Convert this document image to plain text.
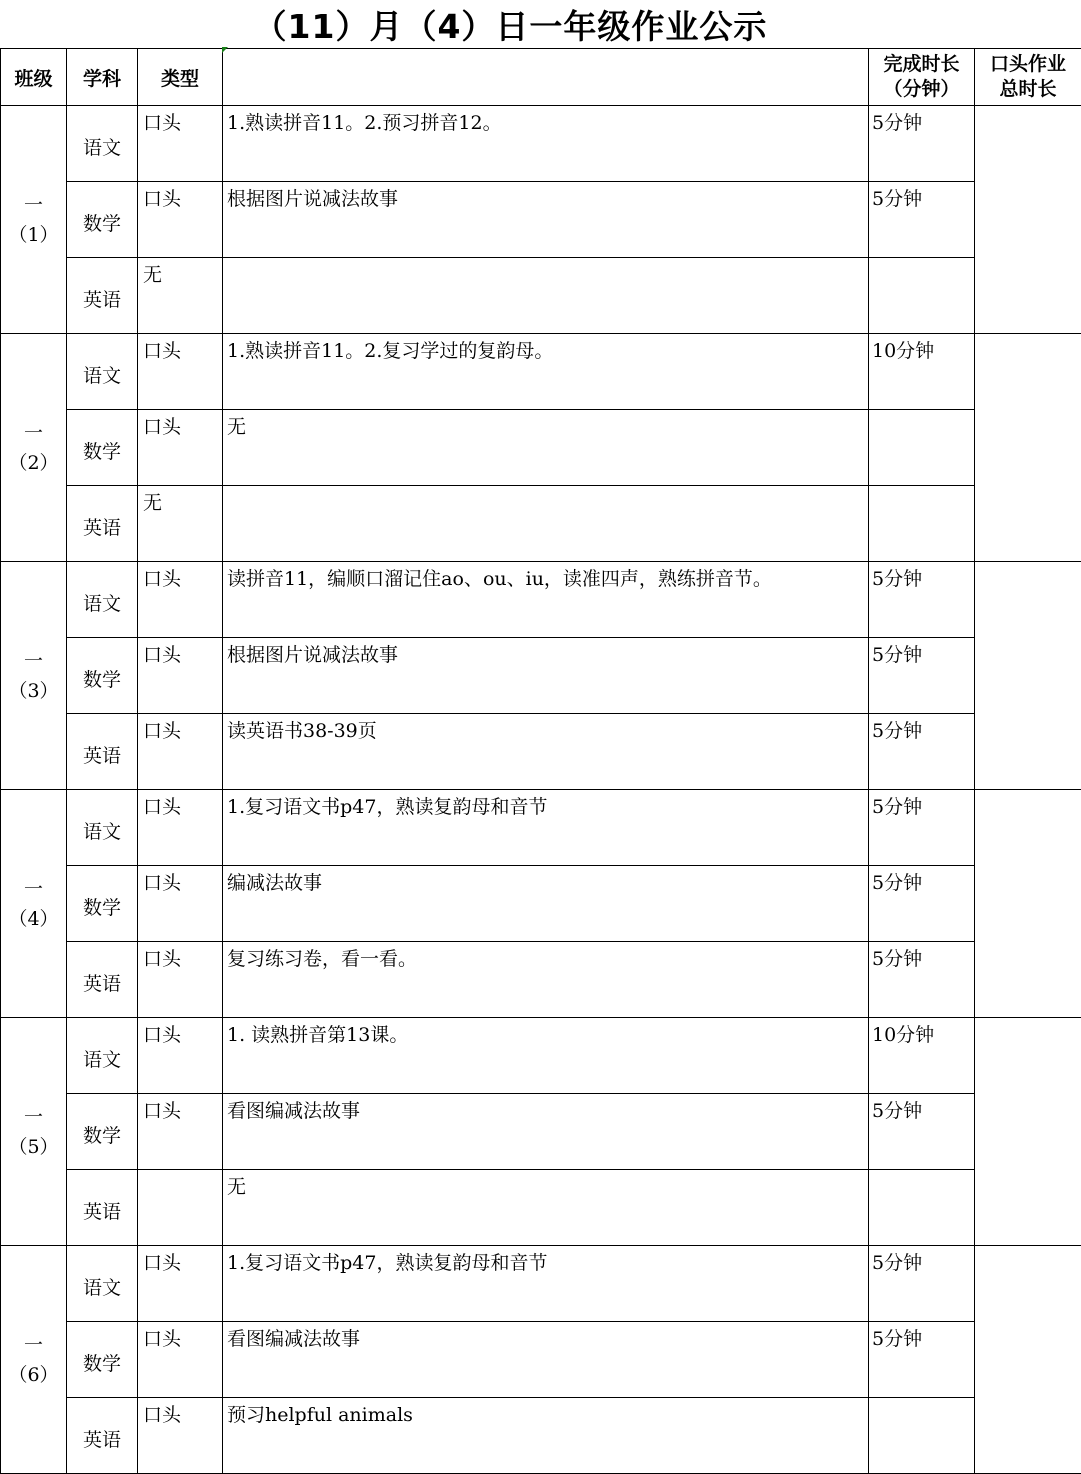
（11）月（4）日一年级作业公示
班级	学科	类型		完成时长
（分钟）	口头作业
总时长

一
（1）	语文	口头	1.熟读拼音11。2.预习拼音12。	5分钟	
	数学	口头	根据图片说减法故事	5分钟	
	英语	无			

一
（2）	语文	口头	1.熟读拼音11。2.复习学过的复韵母。	10分钟	
	数学	口头	无		
	英语	无			

一
（3）	语文	口头	读拼音11，编顺口溜记住ao、ou、iu，读准四声，熟练拼音节。	5分钟	
	数学	口头	根据图片说减法故事	5分钟	
	英语	口头	读英语书38-39页	5分钟	

一
（4）	语文	口头	1.复习语文书p47，熟读复韵母和音节	5分钟	
	数学	口头	编减法故事	5分钟	
	英语	口头	复习练习卷，看一看。	5分钟	

一
（5）	语文	口头	1. 读熟拼音第13课。	10分钟	
	数学	口头	看图编减法故事	5分钟	
	英语		无		

一
（6）	语文	口头	1.复习语文书p47，熟读复韵母和音节	5分钟	
	数学	口头	看图编减法故事	5分钟	
	英语	口头	预习helpful animals		
